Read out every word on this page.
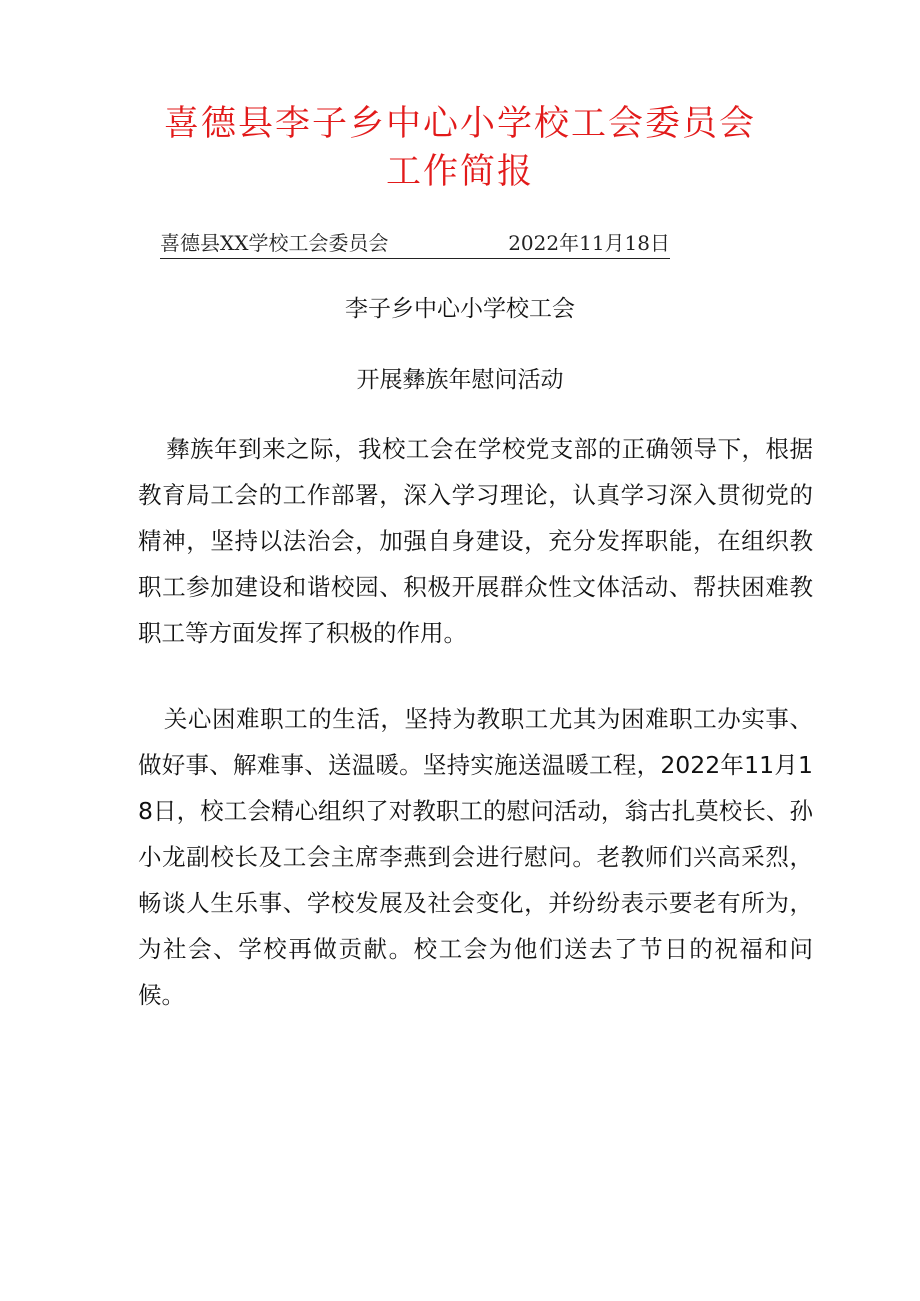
喜德县李子乡中心小学校工会委员会
工作简报
喜德县XX学校工会委员会	2022年11月18日
李子乡中心小学校工会
开展彝族年慰问活动

彝族年到来之际，我校工会在学校党支部的正确领导下，根据教育局工会的工作部署，深入学习理论，认真学习深入贯彻党的精神，坚持以法治会，加强自身建设，充分发挥职能，在组织教职工参加建设和谐校园、积极开展群众性文体活动、帮扶困难教职工等方面发挥了积极的作用。

关心困难职工的生活，坚持为教职工尤其为困难职工办实事、做好事、解难事、送温暖。坚持实施送温暖工程，2022年11月18日，校工会精心组织了对教职工的慰问活动，翁古扎莫校长、孙小龙副校长及工会主席李燕到会进行慰问。老教师们兴高采烈，畅谈人生乐事、学校发展及社会变化，并纷纷表示要老有所为，为社会、学校再做贡献。校工会为他们送去了节日的祝福和问候。
